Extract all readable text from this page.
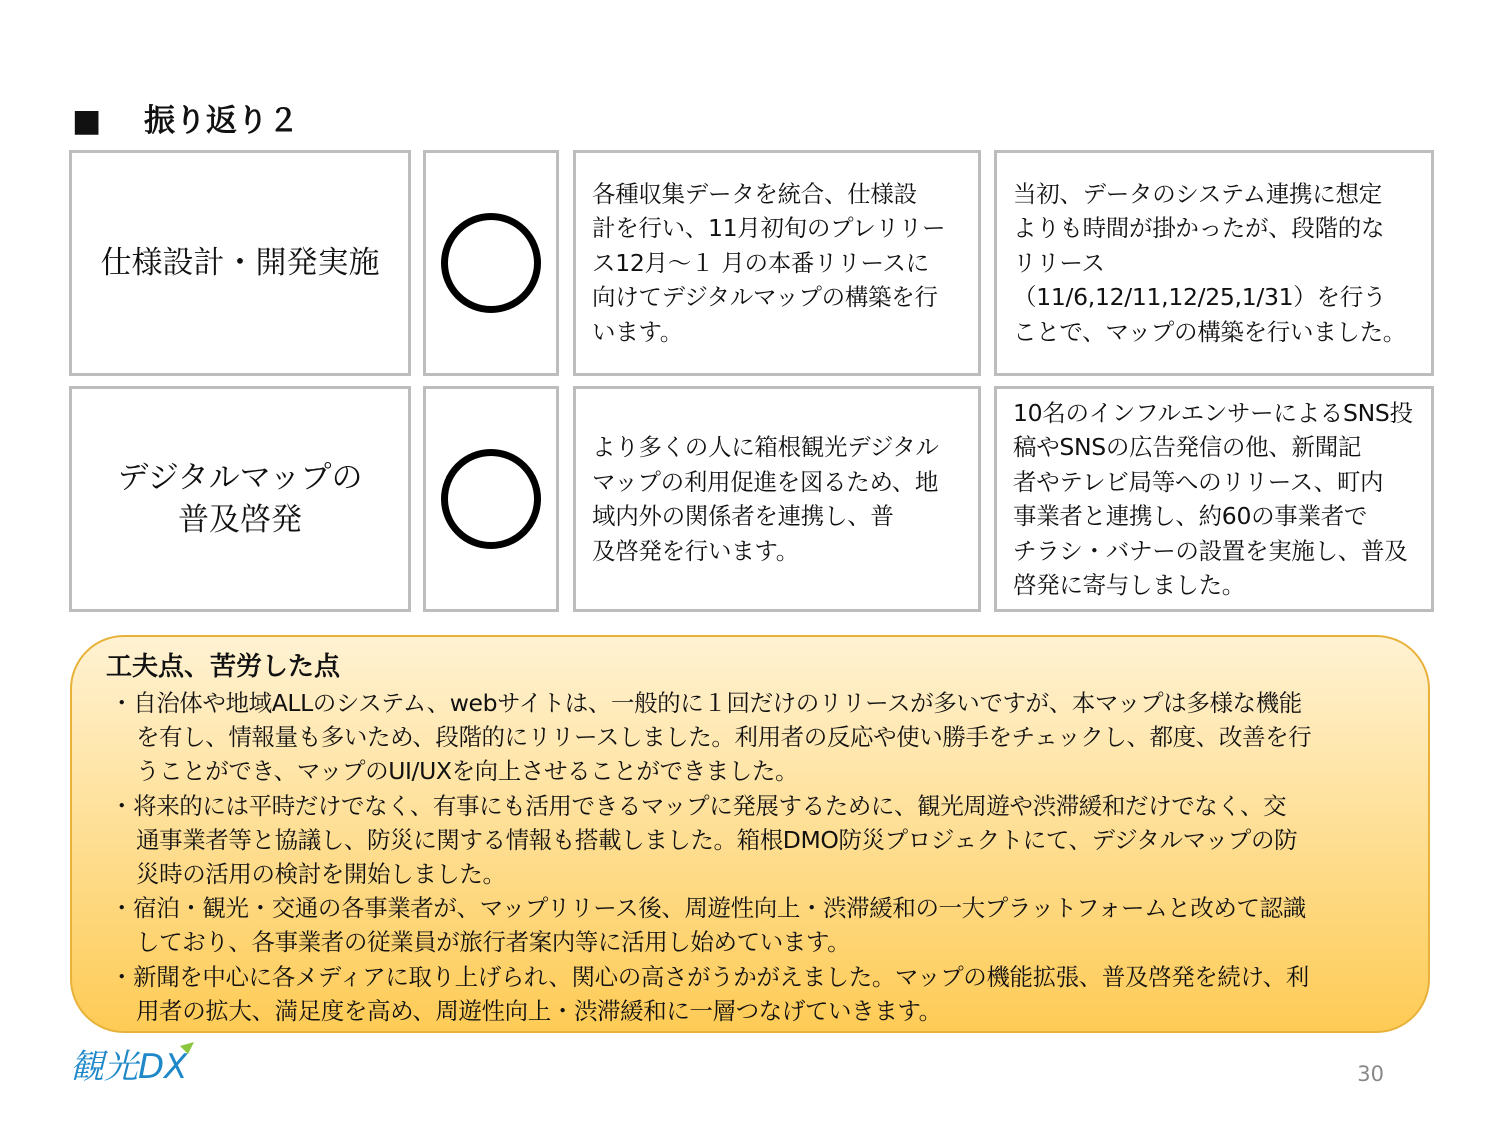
■ 振り返り２
仕様設計・開発実施
各種収集データを統合、仕様設
計を行い、11月初旬のプレリリー
ス12月～１ 月の本番リリースに
向けてデジタルマップの構築を行
います。
当初、データのシステム連携に想定
よりも時間が掛かったが、段階的な
リリース
（11/6,12/11,12/25,1/31）を行う
ことで、マップの構築を行いました。
デジタルマップの
普及啓発
より多くの人に箱根観光デジタル
マップの利用促進を図るため、地
域内外の関係者を連携し、普
及啓発を行います。
10名のインフルエンサーによるSNS投
稿やSNSの広告発信の他、新聞記
者やテレビ局等へのリリース、町内
事業者と連携し、約60の事業者で
チラシ・バナーの設置を実施し、普及
啓発に寄与しました。
工夫点、苦労した点
・自治体や地域ALLのシステム、webサイトは、一般的に１回だけのリリースが多いですが、本マップは多様な機能
を有し、情報量も多いため、段階的にリリースしました。利用者の反応や使い勝手をチェックし、都度、改善を行
うことができ、マップのUI/UXを向上させることができました。
・将来的には平時だけでなく、有事にも活用できるマップに発展するために、観光周遊や渋滞緩和だけでなく、交
通事業者等と協議し、防災に関する情報も搭載しました。箱根DMO防災プロジェクトにて、デジタルマップの防
災時の活用の検討を開始しました。
・宿泊・観光・交通の各事業者が、マップリリース後、周遊性向上・渋滞緩和の一大プラットフォームと改めて認識
しており、各事業者の従業員が旅行者案内等に活用し始めています。
・新聞を中心に各メディアに取り上げられ、関心の高さがうかがえました。マップの機能拡張、普及啓発を続け、利
用者の拡大、満足度を高め、周遊性向上・渋滞緩和に一層つなげていきます。
観光DX	30
